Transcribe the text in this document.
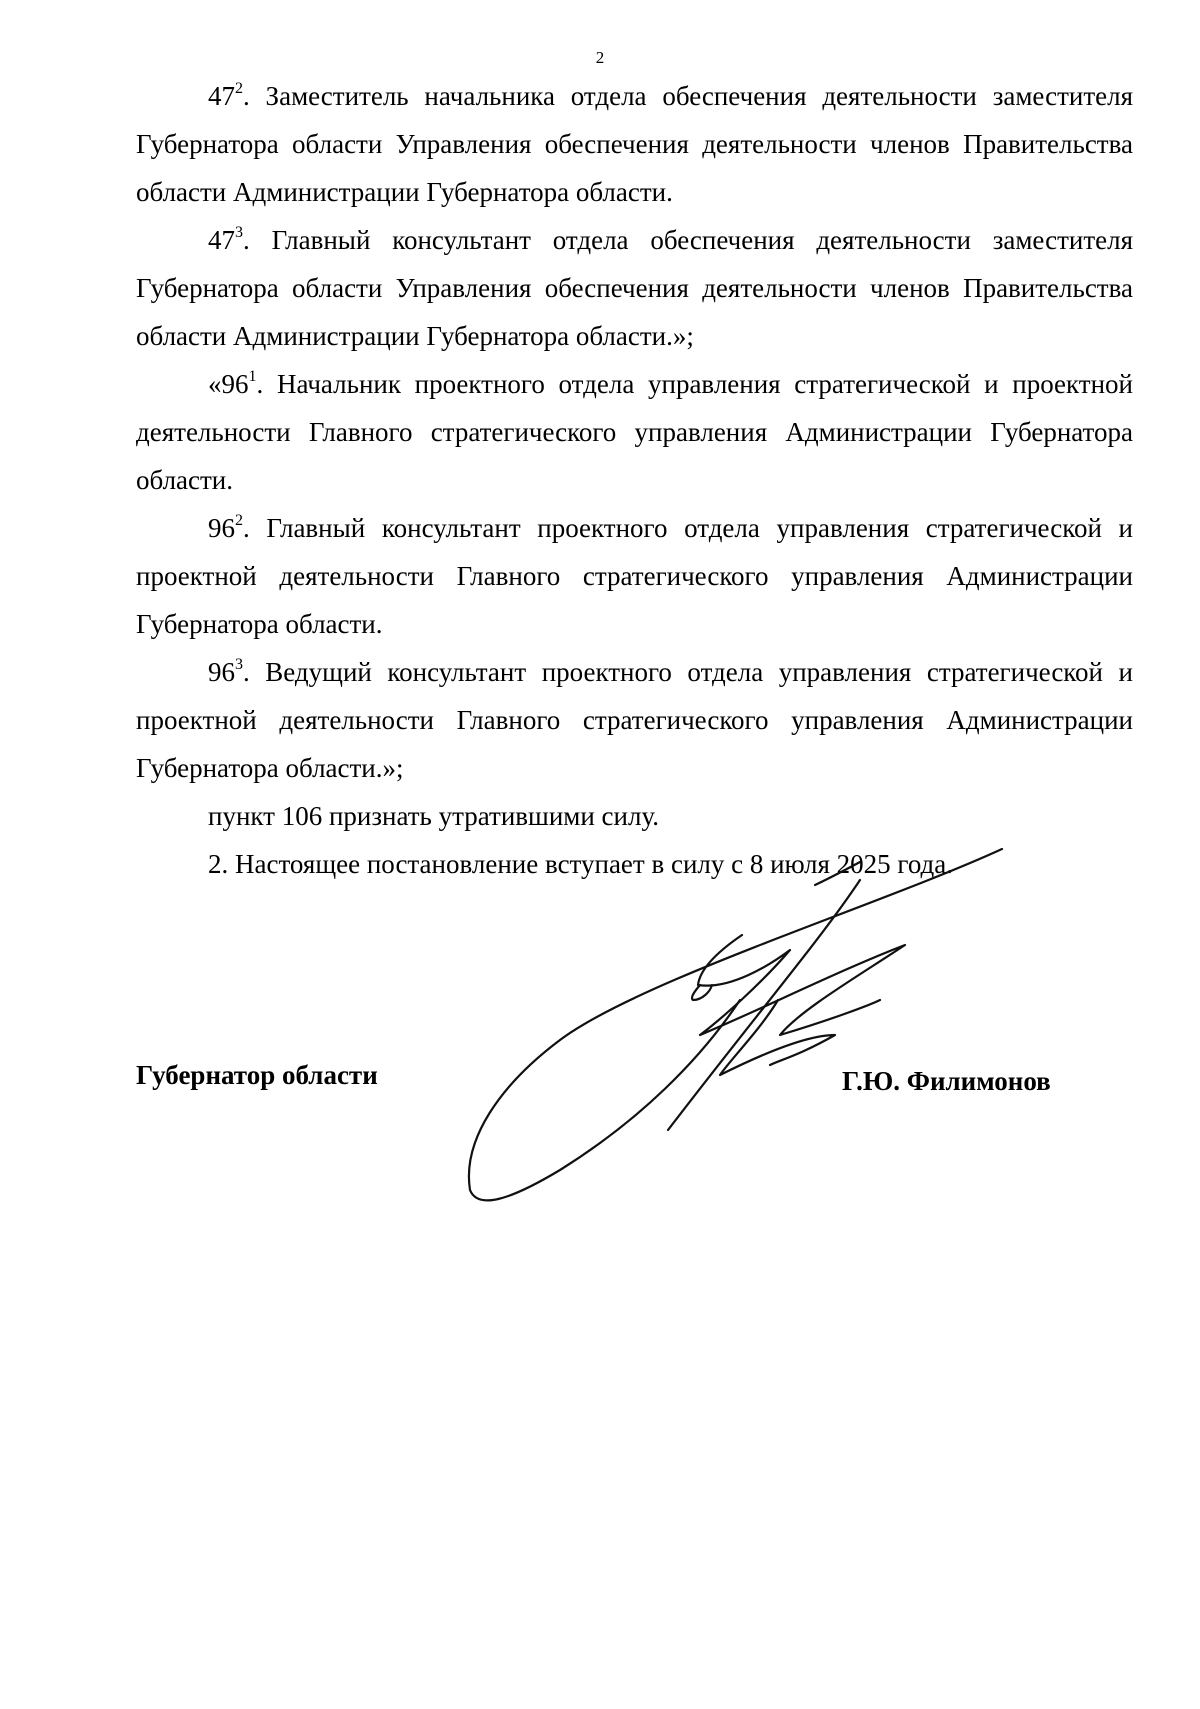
2

$47^2$. Заместитель начальника отдела обеспечения деятельности заместителя Губернатора области Управления обеспечения деятельности членов Правительства области Администрации Губернатора области.

$47^3$. Главный консультант отдела обеспечения деятельности заместителя Губернатора области Управления обеспечения деятельности членов Правительства области Администрации Губернатора области.»;

«$96^1$. Начальник проектного отдела управления стратегической и проектной деятельности Главного стратегического управления Администрации Губернатора области.

$96^2$. Главный консультант проектного отдела управления стратегической и проектной деятельности Главного стратегического управления Администрации Губернатора области.

$96^3$. Ведущий консультант проектного отдела управления стратегической и проектной деятельности Главного стратегического управления Администрации Губернатора области.»;

пункт 106 признать утратившими силу.

2. Настоящее постановление вступает в силу с 8 июля 2025 года.

Губернатор области	Г.Ю. Филимонов
